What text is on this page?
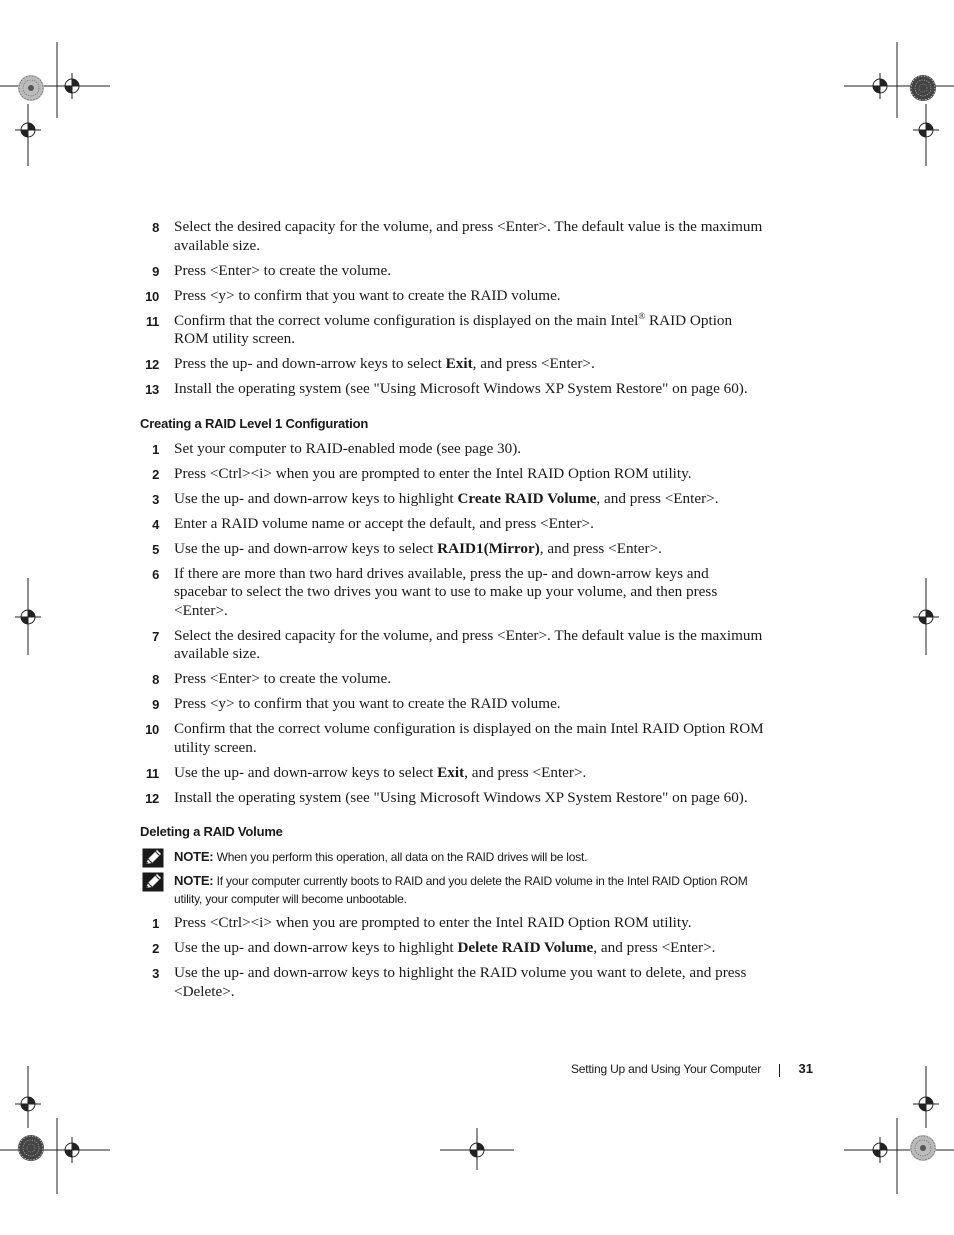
8 Select the desired capacity for the volume, and press <Enter>. The default value is the maximum available size.
9 Press <Enter> to create the volume.
10 Press <y> to confirm that you want to create the RAID volume.
11 Confirm that the correct volume configuration is displayed on the main Intel® RAID Option ROM utility screen.
12 Press the up- and down-arrow keys to select Exit, and press <Enter>.
13 Install the operating system (see "Using Microsoft Windows XP System Restore" on page 60).
Creating a RAID Level 1 Configuration
1 Set your computer to RAID-enabled mode (see page 30).
2 Press <Ctrl><i> when you are prompted to enter the Intel RAID Option ROM utility.
3 Use the up- and down-arrow keys to highlight Create RAID Volume, and press <Enter>.
4 Enter a RAID volume name or accept the default, and press <Enter>.
5 Use the up- and down-arrow keys to select RAID1(Mirror), and press <Enter>.
6 If there are more than two hard drives available, press the up- and down-arrow keys and spacebar to select the two drives you want to use to make up your volume, and then press <Enter>.
7 Select the desired capacity for the volume, and press <Enter>. The default value is the maximum available size.
8 Press <Enter> to create the volume.
9 Press <y> to confirm that you want to create the RAID volume.
10 Confirm that the correct volume configuration is displayed on the main Intel RAID Option ROM utility screen.
11 Use the up- and down-arrow keys to select Exit, and press <Enter>.
12 Install the operating system (see "Using Microsoft Windows XP System Restore" on page 60).
Deleting a RAID Volume
NOTE: When you perform this operation, all data on the RAID drives will be lost.
NOTE: If your computer currently boots to RAID and you delete the RAID volume in the Intel RAID Option ROM utility, your computer will become unbootable.
1 Press <Ctrl><i> when you are prompted to enter the Intel RAID Option ROM utility.
2 Use the up- and down-arrow keys to highlight Delete RAID Volume, and press <Enter>.
3 Use the up- and down-arrow keys to highlight the RAID volume you want to delete, and press <Delete>.
Setting Up and Using Your Computer	31
